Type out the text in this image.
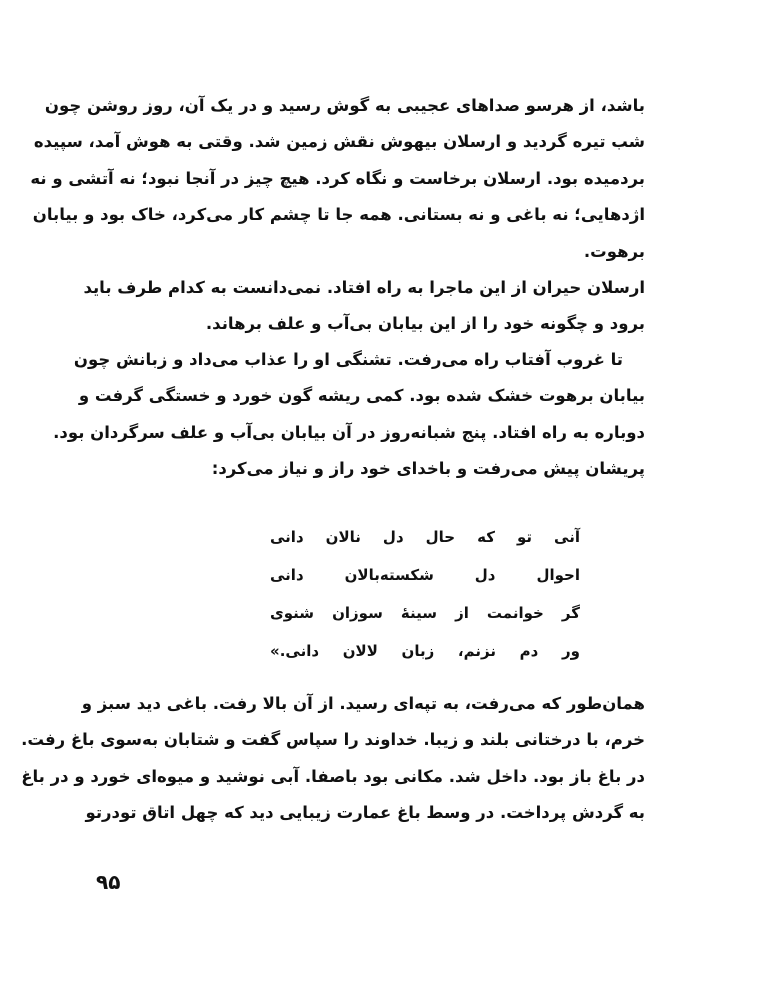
باشد، از هرسو صداهای عجیبی به گوش رسید و در یک آن، روز روشن چون
شب تیره گردید و ارسلان بیهوش نقش زمین شد. وقتی به هوش آمد، سپیده
بردمیده بود. ارسلان برخاست و نگاه کرد. هیچ چیز در آنجا نبود؛ نه آتشی و نه
اژدهایی؛ نه باغی و نه بستانی. همه جا تا چشم کار می‌کرد، خاک بود و بیابان
برهوت.
ارسلان حیران از این ماجرا به راه افتاد. نمی‌دانست به کدام طرف باید
برود و چگونه خود را از این بیابان بی‌آب و علف برهاند.
تا غروب آفتاب راه می‌رفت. تشنگی او را عذاب می‌داد و زبانش چون
بیابان برهوت خشک شده بود. کمی ریشه گون خورد و خستگی گرفت و
دوباره به راه افتاد. پنج شبانه‌روز در آن بیابان بی‌آب و علف سرگردان بود.
پریشان پیش می‌رفت و باخدای خود راز و نیاز می‌کرد:
آنی تو که حال دل نالان دانی
احوال دل شکسته‌بالان دانی
گر خوانمت از سینهٔ سوزان شنوی
ور دم نزنم، زبان لالان دانی.»
همان‌طور که می‌رفت، به تپه‌ای رسید. از آن بالا رفت. باغی دید سبز و
خرم، با درختانی بلند و زیبا. خداوند را سپاس گفت و شتابان به‌سوی باغ رفت.
در باغ باز بود. داخل شد. مکانی بود باصفا. آبی نوشید و میوه‌ای خورد و در باغ
به گردش پرداخت. در وسط باغ عمارت زیبایی دید که چهل اتاق تودرتو
۹۵
